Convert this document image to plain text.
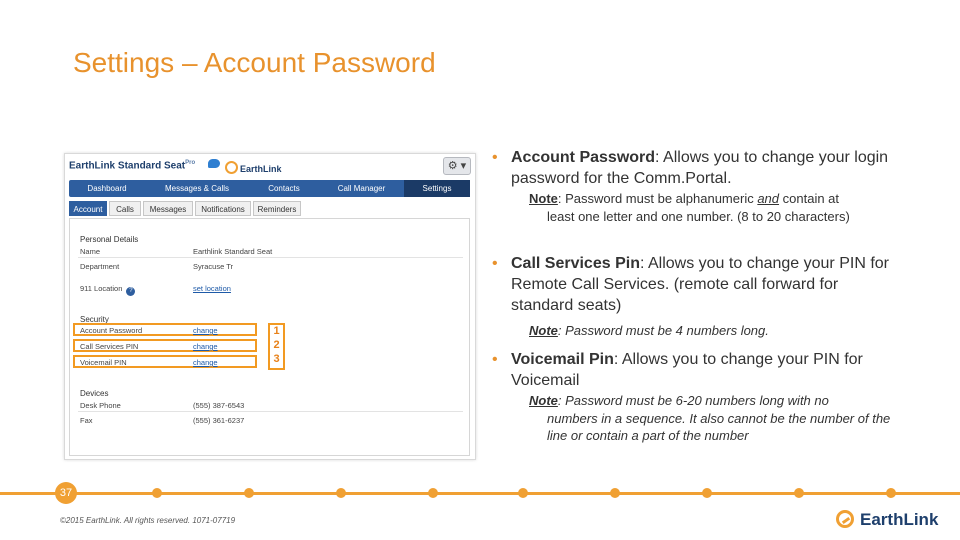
Settings – Account Password
EarthLink Standard Seat$^{Pro}$
EarthLink	⚙ ▾
Dashboard	Messages & Calls	Contacts	Call Manager	Settings
Account	Calls	Messages	Notifications	Reminders
Personal Details
Name	Earthlink Standard Seat
Department	Syracuse Tr
911 Location ?	set location
Security
Account Password	change
Call Services PIN	change
Voicemail PIN	change
Devices
Desk Phone	(555) 387-6543
Fax	(555) 361-6237
1
2
3
• Account Password: Allows you to change your login password for the Comm.Portal.
Note: Password must be alphanumeric and contain at
least one letter and one number. (8 to 20 characters)
• Call Services Pin: Allows you to change your PIN for Remote Call Services. (remote call forward for standard seats)
Note: Password must be 4 numbers long.
• Voicemail Pin: Allows you to change your PIN for Voicemail
Note: Password must be 6-20 numbers long with no
numbers in a sequence. It also cannot be the number of the line or contain a part of the number
37
©2015 EarthLink. All rights reserved. 1071-07719	EarthLink
